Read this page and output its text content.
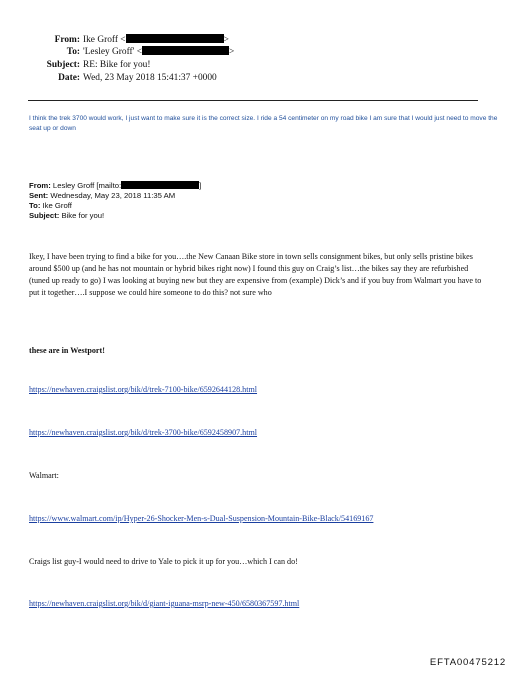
From: Ike Groff <	>
To: 'Lesley Groff' <	>
Subject: RE: Bike for you!
Date: Wed, 23 May 2018 15:41:37 +0000
I think the trek 3700 would work, I just want to make sure it is the correct size. I ride a 54 centimeter on my road bike I am sure that I would just need to move the seat up or down
From: Lesley Groff [mailto:	]
Sent: Wednesday, May 23, 2018 11:35 AM
To: Ike Groff
Subject: Bike for you!
Ikey, I have been trying to find a bike for you….the New Canaan Bike store in town sells consignment bikes, but only sells pristine bikes around $500 up (and he has not mountain or hybrid bikes right now) I found this guy on Craig’s list…the bikes say they are refurbished (tuned up ready to go) I was looking at buying new but they are expensive from (example) Dick’s and if you buy from Walmart you have to put it together….I suppose we could hire someone to do this? not sure who
these are in Westport!
https://newhaven.craigslist.org/bik/d/trek-7100-bike/6592644128.html
https://newhaven.craigslist.org/bik/d/trek-3700-bike/6592458907.html
Walmart:
https://www.walmart.com/ip/Hyper-26-Shocker-Men-s-Dual-Suspension-Mountain-Bike-Black/54169167
Craigs list guy-I would need to drive to Yale to pick it up for you…which I can do!
https://newhaven.craigslist.org/bik/d/giant-iguana-msrp-new-450/6580367597.html
EFTA00475212
